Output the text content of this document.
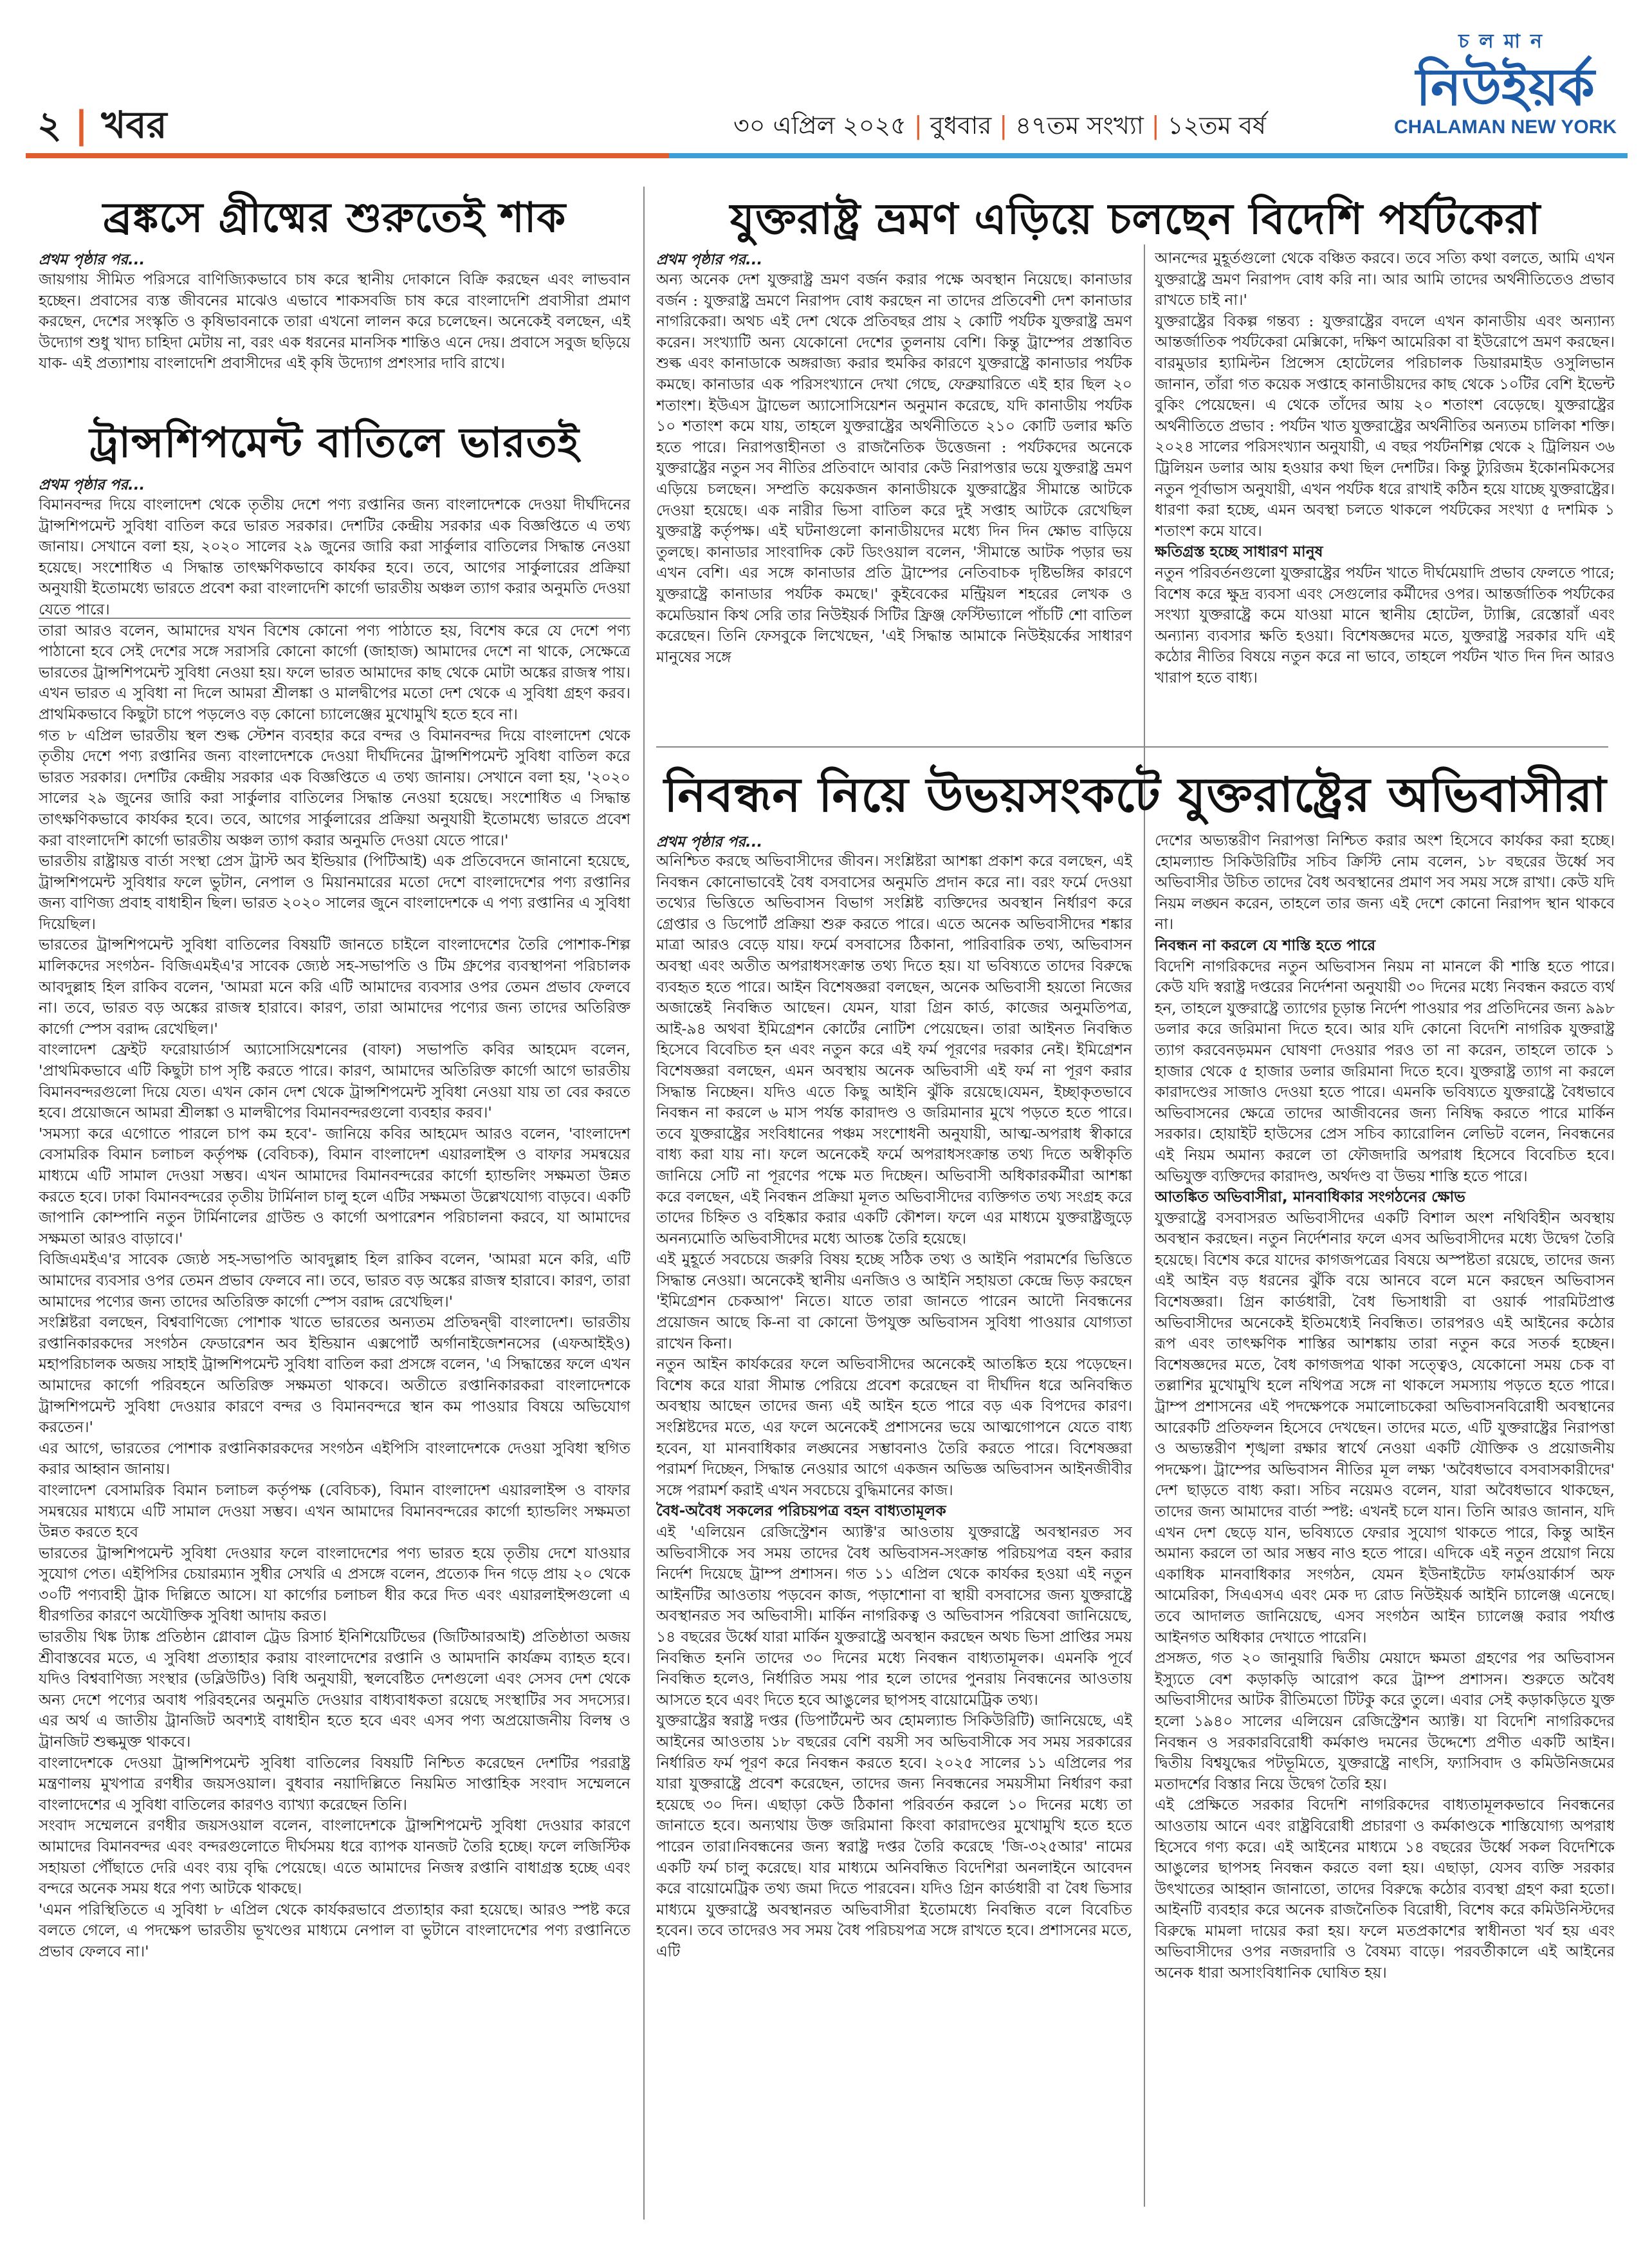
২ | খবর	৩০ এপ্রিল ২০২৫ | বুধবার | ৪৭তম সংখ্যা | ১২তম বর্ষ
চলমান
নিউইয়র্ক
CHALAMAN NEW YORK
ব্রঙ্কসে গ্রীষ্মের শুরুতেই শাক
প্রথম পৃষ্ঠার পর...

জায়গায় সীমিত পরিসরে বাণিজ্যিকভাবে চাষ করে স্থানীয় দোকানে বিক্রি করছেন এবং লাভবান হচ্ছেন। প্রবাসের ব্যস্ত জীবনের মাঝেও এভাবে শাকসবজি চাষ করে বাংলাদেশি প্রবাসীরা প্রমাণ করছেন, দেশের সংস্কৃতি ও কৃষিভাবনাকে তারা এখনো লালন করে চলেছেন। অনেকেই বলছেন, এই উদ্যোগ শুধু খাদ্য চাহিদা মেটায় না, বরং এক ধরনের মানসিক শান্তিও এনে দেয়। প্রবাসে সবুজ ছড়িয়ে যাক- এই প্রত্যাশায় বাংলাদেশি প্রবাসীদের এই কৃষি উদ্যোগ প্রশংসার দাবি রাখে।

ট্রান্সশিপমেন্ট বাতিলে ভারতই
প্রথম পৃষ্ঠার পর...

বিমানবন্দর দিয়ে বাংলাদেশ থেকে তৃতীয় দেশে পণ্য রপ্তানির জন্য বাংলাদেশকে দেওয়া দীর্ঘদিনের ট্রান্সশিপমেন্ট সুবিধা বাতিল করে ভারত সরকার। দেশটির কেন্দ্রীয় সরকার এক বিজ্ঞপ্তিতে এ তথ্য জানায়। সেখানে বলা হয়, ২০২০ সালের ২৯ জুনের জারি করা সার্কুলার বাতিলের সিদ্ধান্ত নেওয়া হয়েছে। সংশোধিত এ সিদ্ধান্ত তাৎক্ষণিকভাবে কার্যকর হবে। তবে, আগের সার্কুলারের প্রক্রিয়া অনুযায়ী ইতোমধ্যে ভারতে প্রবেশ করা বাংলাদেশি কার্গো ভারতীয় অঞ্চল ত্যাগ করার অনুমতি দেওয়া যেতে পারে।

তারা আরও বলেন, আমাদের যখন বিশেষ কোনো পণ্য পাঠাতে হয়, বিশেষ করে যে দেশে পণ্য পাঠানো হবে সেই দেশের সঙ্গে সরাসরি কোনো কার্গো (জাহাজ) আমাদের দেশে না থাকে, সেক্ষেত্রে ভারতের ট্রান্সশিপমেন্ট সুবিধা নেওয়া হয়। ফলে ভারত আমাদের কাছ থেকে মোটা অঙ্কের রাজস্ব পায়। এখন ভারত এ সুবিধা না দিলে আমরা শ্রীলঙ্কা ও মালদ্বীপের মতো দেশ থেকে এ সুবিধা গ্রহণ করব। প্রাথমিকভাবে কিছুটা চাপে পড়লেও বড় কোনো চ্যালেঞ্জের মুখোমুখি হতে হবে না।

গত ৮ এপ্রিল ভারতীয় স্থল শুল্ক স্টেশন ব্যবহার করে বন্দর ও বিমানবন্দর দিয়ে বাংলাদেশ থেকে তৃতীয় দেশে পণ্য রপ্তানির জন্য বাংলাদেশকে দেওয়া দীর্ঘদিনের ট্রান্সশিপমেন্ট সুবিধা বাতিল করে ভারত সরকার। দেশটির কেন্দ্রীয় সরকার এক বিজ্ঞপ্তিতে এ তথ্য জানায়। সেখানে বলা হয়, '২০২০ সালের ২৯ জুনের জারি করা সার্কুলার বাতিলের সিদ্ধান্ত নেওয়া হয়েছে। সংশোধিত এ সিদ্ধান্ত তাৎক্ষণিকভাবে কার্যকর হবে। তবে, আগের সার্কুলারের প্রক্রিয়া অনুযায়ী ইতোমধ্যে ভারতে প্রবেশ করা বাংলাদেশি কার্গো ভারতীয় অঞ্চল ত্যাগ করার অনুমতি দেওয়া যেতে পারে।'

ভারতীয় রাষ্ট্রায়ত্ত বার্তা সংস্থা প্রেস ট্রাস্ট অব ইন্ডিয়ার (পিটিআই) এক প্রতিবেদনে জানানো হয়েছে, ট্রান্সশিপমেন্ট সুবিধার ফলে ভুটান, নেপাল ও মিয়ানমারের মতো দেশে বাংলাদেশের পণ্য রপ্তানির জন্য বাণিজ্য প্রবাহ বাধাহীন ছিল। ভারত ২০২০ সালের জুনে বাংলাদেশকে এ পণ্য রপ্তানির এ সুবিধা দিয়েছিল।

ভারতের ট্রান্সশিপমেন্ট সুবিধা বাতিলের বিষয়টি জানতে চাইলে বাংলাদেশের তৈরি পোশাক-শিল্প মালিকদের সংগঠন- বিজিএমইএ'র সাবেক জ্যেষ্ঠ সহ-সভাপতি ও টিম গ্রুপের ব্যবস্থাপনা পরিচালক আবদুল্লাহ হিল রাকিব বলেন, 'আমরা মনে করি এটি আমাদের ব্যবসার ওপর তেমন প্রভাব ফেলবে না। তবে, ভারত বড় অঙ্কের রাজস্ব হারাবে। কারণ, তারা আমাদের পণ্যের জন্য তাদের অতিরিক্ত কার্গো স্পেস বরাদ্দ রেখেছিল।'

বাংলাদেশ ফ্রেইট ফরোয়ার্ডার্স অ্যাসোসিয়েশনের (বাফা) সভাপতি কবির আহমেদ বলেন, 'প্রাথমিকভাবে এটি কিছুটা চাপ সৃষ্টি করতে পারে। কারণ, আমাদের অতিরিক্ত কার্গো আগে ভারতীয় বিমানবন্দরগুলো দিয়ে যেত। এখন কোন দেশ থেকে ট্রান্সশিপমেন্ট সুবিধা নেওয়া যায় তা বের করতে হবে। প্রয়োজনে আমরা শ্রীলঙ্কা ও মালদ্বীপের বিমানবন্দরগুলো ব্যবহার করব।'

'সমস্যা করে এগোতে পারলে চাপ কম হবে'- জানিয়ে কবির আহমেদ আরও বলেন, 'বাংলাদেশ বেসামরিক বিমান চলাচল কর্তৃপক্ষ (বেবিচক), বিমান বাংলাদেশ এয়ারলাইন্স ও বাফার সমন্বয়ের মাধ্যমে এটি সামাল দেওয়া সম্ভব। এখন আমাদের বিমানবন্দরের কার্গো হ্যান্ডলিং সক্ষমতা উন্নত করতে হবে। ঢাকা বিমানবন্দরের তৃতীয় টার্মিনাল চালু হলে এটির সক্ষমতা উল্লেখযোগ্য বাড়বে। একটি জাপানি কোম্পানি নতুন টার্মিনালের গ্রাউন্ড ও কার্গো অপারেশন পরিচালনা করবে, যা আমাদের সক্ষমতা আরও বাড়াবে।'

বিজিএমইএ'র সাবেক জ্যেষ্ঠ সহ-সভাপতি আবদুল্লাহ হিল রাকিব বলেন, 'আমরা মনে করি, এটি আমাদের ব্যবসার ওপর তেমন প্রভাব ফেলবে না। তবে, ভারত বড় অঙ্কের রাজস্ব হারাবে। কারণ, তারা আমাদের পণ্যের জন্য তাদের অতিরিক্ত কার্গো স্পেস বরাদ্দ রেখেছিল।'

সংশ্লিষ্টরা বলছেন, বিশ্ববাণিজ্যে পোশাক খাতে ভারতের অন্যতম প্রতিদ্বন্দ্বী বাংলাদেশ। ভারতীয় রপ্তানিকারকদের সংগঠন ফেডারেশন অব ইন্ডিয়ান এক্সপোর্ট অর্গানাইজেশনসের (এফআইইও) মহাপরিচালক অজয় সাহাই ট্রান্সশিপমেন্ট সুবিধা বাতিল করা প্রসঙ্গে বলেন, 'এ সিদ্ধান্তের ফলে এখন আমাদের কার্গো পরিবহনে অতিরিক্ত সক্ষমতা থাকবে। অতীতে রপ্তানিকারকরা বাংলাদেশকে ট্রান্সশিপমেন্ট সুবিধা দেওয়ার কারণে বন্দর ও বিমানবন্দরে স্থান কম পাওয়ার বিষয়ে অভিযোগ করতেন।'

এর আগে, ভারতের পোশাক রপ্তানিকারকদের সংগঠন এইপিসি বাংলাদেশকে দেওয়া সুবিধা স্থগিত করার আহ্বান জানায়।

বাংলাদেশ বেসামরিক বিমান চলাচল কর্তৃপক্ষ (বেবিচক), বিমান বাংলাদেশ এয়ারলাইন্স ও বাফার সমন্বয়ের মাধ্যমে এটি সামাল দেওয়া সম্ভব। এখন আমাদের বিমানবন্দরের কার্গো হ্যান্ডলিং সক্ষমতা উন্নত করতে হবে

ভারতের ট্রান্সশিপমেন্ট সুবিধা দেওয়ার ফলে বাংলাদেশের পণ্য ভারত হয়ে তৃতীয় দেশে যাওয়ার সুযোগ পেত। এইপিসির চেয়ারম্যান সুধীর সেখরি এ প্রসঙ্গে বলেন, প্রত্যেক দিন গড়ে প্রায় ২০ থেকে ৩০টি পণ্যবাহী ট্রাক দিল্লিতে আসে। যা কার্গোর চলাচল ধীর করে দিত এবং এয়ারলাইন্সগুলো এ ধীরগতির কারণে অযৌক্তিক সুবিধা আদায় করত।

ভারতীয় থিঙ্ক ট্যাঙ্ক প্রতিষ্ঠান গ্লোবাল ট্রেড রিসার্চ ইনিশিয়েটিভের (জিটিআরআই) প্রতিষ্ঠাতা অজয় শ্রীবাস্তবের মতে, এ সুবিধা প্রত্যাহার করায় বাংলাদেশের রপ্তানি ও আমদানি কার্যক্রম ব্যাহত হবে। যদিও বিশ্ববাণিজ্য সংস্থার (ডব্লিউটিও) বিধি অনুযায়ী, স্থলবেষ্টিত দেশগুলো এবং সেসব দেশ থেকে অন্য দেশে পণ্যের অবাধ পরিবহনের অনুমতি দেওয়ার বাধ্যবাধকতা রয়েছে সংস্থাটির সব সদস্যের। এর অর্থ এ জাতীয় ট্রানজিট অবশ্যই বাধাহীন হতে হবে এবং এসব পণ্য অপ্রয়োজনীয় বিলম্ব ও ট্রানজিট শুল্কমুক্ত থাকবে।

বাংলাদেশকে দেওয়া ট্রান্সশিপমেন্ট সুবিধা বাতিলের বিষয়টি নিশ্চিত করেছেন দেশটির পররাষ্ট্র মন্ত্রণালয় মুখপাত্র রণধীর জয়সওয়াল। বুধবার নয়াদিল্লিতে নিয়মিত সাপ্তাহিক সংবাদ সম্মেলনে বাংলাদেশের এ সুবিধা বাতিলের কারণও ব্যাখ্যা করেছেন তিনি।

সংবাদ সম্মেলনে রণধীর জয়সওয়াল বলেন, বাংলাদেশকে ট্রান্সশিপমেন্ট সুবিধা দেওয়ার কারণে আমাদের বিমানবন্দর এবং বন্দরগুলোতে দীর্ঘসময় ধরে ব্যাপক যানজট তৈরি হচ্ছে। ফলে লজিস্টিক সহায়তা পৌঁছাতে দেরি এবং ব্যয় বৃদ্ধি পেয়েছে। এতে আমাদের নিজস্ব রপ্তানি বাধাগ্রস্ত হচ্ছে এবং বন্দরে অনেক সময় ধরে পণ্য আটকে থাকছে।

'এমন পরিস্থিতিতে এ সুবিধা ৮ এপ্রিল থেকে কার্যকরভাবে প্রত্যাহার করা হয়েছে। আরও স্পষ্ট করে বলতে গেলে, এ পদক্ষেপ ভারতীয় ভূখণ্ডের মাধ্যমে নেপাল বা ভুটানে বাংলাদেশের পণ্য রপ্তানিতে প্রভাব ফেলবে না।'

যুক্তরাষ্ট্র ভ্রমণ এড়িয়ে চলছেন বিদেশি পর্যটকেরা
প্রথম পৃষ্ঠার পর...

অন্য অনেক দেশ যুক্তরাষ্ট্র ভ্রমণ বর্জন করার পক্ষে অবস্থান নিয়েছে। কানাডার বর্জন : যুক্তরাষ্ট্র ভ্রমণে নিরাপদ বোধ করছেন না তাদের প্রতিবেশী দেশ কানাডার নাগরিকেরা। অথচ এই দেশ থেকে প্রতিবছর প্রায় ২ কোটি পর্যটক যুক্তরাষ্ট্র ভ্রমণ করেন। সংখ্যাটি অন্য যেকোনো দেশের তুলনায় বেশি। কিন্তু ট্রাম্পের প্রস্তাবিত শুল্ক এবং কানাডাকে অঙ্গরাজ্য করার হুমকির কারণে যুক্তরাষ্ট্রে কানাডার পর্যটক কমছে। কানাডার এক পরিসংখ্যানে দেখা গেছে, ফেব্রুয়ারিতে এই হার ছিল ২০ শতাংশ। ইউএস ট্রাভেল অ্যাসোসিয়েশন অনুমান করেছে, যদি কানাডীয় পর্যটক ১০ শতাংশ কমে যায়, তাহলে যুক্তরাষ্ট্রের অর্থনীতিতে ২১০ কোটি ডলার ক্ষতি হতে পারে। নিরাপত্তাহীনতা ও রাজনৈতিক উত্তেজনা : পর্যটকদের অনেকে যুক্তরাষ্ট্রের নতুন সব নীতির প্রতিবাদে আবার কেউ নিরাপত্তার ভয়ে যুক্তরাষ্ট্র ভ্রমণ এড়িয়ে চলছেন। সম্প্রতি কয়েকজন কানাডীয়কে যুক্তরাষ্ট্রের সীমান্তে আটকে দেওয়া হয়েছে। এক নারীর ভিসা বাতিল করে দুই সপ্তাহ আটকে রেখেছিল যুক্তরাষ্ট্র কর্তৃপক্ষ। এই ঘটনাগুলো কানাডীয়দের মধ্যে দিন দিন ক্ষোভ বাড়িয়ে তুলছে। কানাডার সাংবাদিক কেট ডিংওয়াল বলেন, 'সীমান্তে আটক পড়ার ভয় এখন বেশি। এর সঙ্গে কানাডার প্রতি ট্রাম্পের নেতিবাচক দৃষ্টিভঙ্গির কারণে যুক্তরাষ্ট্রে কানাডার পর্যটক কমছে।' কুইবেকের মন্ট্রিয়ল শহরের লেখক ও কমেডিয়ান কিথ সেরি তার নিউইয়র্ক সিটির ফ্রিঞ্জ ফেস্টিভ্যালে পাঁচটি শো বাতিল করেছেন। তিনি ফেসবুকে লিখেছেন, 'এই সিদ্ধান্ত আমাকে নিউইয়র্কের সাধারণ মানুষের সঙ্গে

আনন্দের মুহূর্তগুলো থেকে বঞ্চিত করবে। তবে সত্যি কথা বলতে, আমি এখন যুক্তরাষ্ট্রে ভ্রমণ নিরাপদ বোধ করি না। আর আমি তাদের অর্থনীতিতেও প্রভাব রাখতে চাই না।'

যুক্তরাষ্ট্রের বিকল্প গন্তব্য : যুক্তরাষ্ট্রের বদলে এখন কানাডীয় এবং অন্যান্য আন্তর্জাতিক পর্যটকেরা মেক্সিকো, দক্ষিণ আমেরিকা বা ইউরোপে ভ্রমণ করছেন। বারমুডার হ্যামিল্টন প্রিন্সেস হোটেলের পরিচালক ডিয়ারমাইড ওসুলিভান জানান, তাঁরা গত কয়েক সপ্তাহে কানাডীয়দের কাছ থেকে ১০টির বেশি ইভেন্ট বুকিং পেয়েছেন। এ থেকে তাঁদের আয় ২০ শতাংশ বেড়েছে। যুক্তরাষ্ট্রের অর্থনীতিতে প্রভাব : পর্যটন খাত যুক্তরাষ্ট্রের অর্থনীতির অন্যতম চালিকা শক্তি। ২০২৪ সালের পরিসংখ্যান অনুযায়ী, এ বছর পর্যটনশিল্প থেকে ২ ট্রিলিয়ন ৩৬ ট্রিলিয়ন ডলার আয় হওয়ার কথা ছিল দেশটির। কিন্তু ট্যুরিজম ইকোনমিকসের নতুন পূর্বাভাস অনুযায়ী, এখন পর্যটক ধরে রাখাই কঠিন হয়ে যাচ্ছে যুক্তরাষ্ট্রের। ধারণা করা হচ্ছে, এমন অবস্থা চলতে থাকলে পর্যটকের সংখ্যা ৫ দশমিক ১ শতাংশ কমে যাবে।

ক্ষতিগ্রস্ত হচ্ছে সাধারণ মানুষ

নতুন পরিবর্তনগুলো যুক্তরাষ্ট্রের পর্যটন খাতে দীর্ঘমেয়াদি প্রভাব ফেলতে পারে; বিশেষ করে ক্ষুদ্র ব্যবসা এবং সেগুলোর কর্মীদের ওপর। আন্তর্জাতিক পর্যটকের সংখ্যা যুক্তরাষ্ট্রে কমে যাওয়া মানে স্থানীয় হোটেল, ট্যাক্সি, রেস্তোরাঁ এবং অন্যান্য ব্যবসার ক্ষতি হওয়া। বিশেষজ্ঞদের মতে, যুক্তরাষ্ট্র সরকার যদি এই কঠোর নীতির বিষয়ে নতুন করে না ভাবে, তাহলে পর্যটন খাত দিন দিন আরও খারাপ হতে বাধ্য।

নিবন্ধন নিয়ে উভয়সংকটে যুক্তরাষ্ট্রের অভিবাসীরা
প্রথম পৃষ্ঠার পর...

অনিশ্চিত করছে অভিবাসীদের জীবন। সংশ্লিষ্টরা আশঙ্কা প্রকাশ করে বলছেন, এই নিবন্ধন কোনোভাবেই বৈধ বসবাসের অনুমতি প্রদান করে না। বরং ফর্মে দেওয়া তথ্যের ভিত্তিতে অভিবাসন বিভাগ সংশ্লিষ্ট ব্যক্তিদের অবস্থান নির্ধারণ করে গ্রেপ্তার ও ডিপোর্ট প্রক্রিয়া শুরু করতে পারে। এতে অনেক অভিবাসীদের শঙ্কার মাত্রা আরও বেড়ে যায়। ফর্মে বসবাসের ঠিকানা, পারিবারিক তথ্য, অভিবাসন অবস্থা এবং অতীত অপরাধসংক্রান্ত তথ্য দিতে হয়। যা ভবিষ্যতে তাদের বিরুদ্ধে ব্যবহৃত হতে পারে। আইন বিশেষজ্ঞরা বলছেন, অনেক অভিবাসী হয়তো নিজের অজান্তেই নিবন্ধিত আছেন। যেমন, যারা গ্রিন কার্ড, কাজের অনুমতিপত্র, আই-৯৪ অথবা ইমিগ্রেশন কোর্টের নোটিশ পেয়েছেন। তারা আইনত নিবন্ধিত হিসেবে বিবেচিত হন এবং নতুন করে এই ফর্ম পূরণের দরকার নেই। ইমিগ্রেশন বিশেষজ্ঞরা বলছেন, এমন অবস্থায় অনেক অভিবাসী এই ফর্ম না পূরণ করার সিদ্ধান্ত নিচ্ছেন। যদিও এতে কিছু আইনি ঝুঁকি রয়েছে।যেমন, ইচ্ছাকৃতভাবে নিবন্ধন না করলে ৬ মাস পর্যন্ত কারাদণ্ড ও জরিমানার মুখে পড়তে হতে পারে। তবে যুক্তরাষ্ট্রের সংবিধানের পঞ্চম সংশোধনী অনুযায়ী, আত্ম-অপরাধ স্বীকারে বাধ্য করা যায় না। ফলে অনেকেই ফর্মে অপরাধসংক্রান্ত তথ্য দিতে অস্বীকৃতি জানিয়ে সেটি না পূরণের পক্ষে মত দিচ্ছেন। অভিবাসী অধিকারকর্মীরা আশঙ্কা করে বলছেন, এই নিবন্ধন প্রক্রিয়া মূলত অভিবাসীদের ব্যক্তিগত তথ্য সংগ্রহ করে তাদের চিহ্নিত ও বহিষ্কার করার একটি কৌশল। ফলে এর মাধ্যমে যুক্তরাষ্ট্রজুড়ে অনন্যমোতি অভিবাসীদের মধ্যে আতঙ্ক তৈরি হয়েছে।

এই মুহূর্তে সবচেয়ে জরুরি বিষয় হচ্ছে সঠিক তথ্য ও আইনি পরামর্শের ভিত্তিতে সিদ্ধান্ত নেওয়া। অনেকেই স্থানীয় এনজিও ও আইনি সহায়তা কেন্দ্রে ভিড় করছেন 'ইমিগ্রেশন চেকআপ' নিতে। যাতে তারা জানতে পারেন আদৌ নিবন্ধনের প্রয়োজন আছে কি-না বা কোনো উপযুক্ত অভিবাসন সুবিধা পাওয়ার যোগ্যতা রাখেন কিনা।

নতুন আইন কার্যকরের ফলে অভিবাসীদের অনেকেই আতঙ্কিত হয়ে পড়েছেন। বিশেষ করে যারা সীমান্ত পেরিয়ে প্রবেশ করেছেন বা দীর্ঘদিন ধরে অনিবন্ধিত অবস্থায় আছেন তাদের জন্য এই আইন হতে পারে বড় এক বিপদের কারণ। সংশ্লিষ্টদের মতে, এর ফলে অনেকেই প্রশাসনের ভয়ে আত্মগোপনে যেতে বাধ্য হবেন, যা মানবাধিকার লঙ্ঘনের সম্ভাবনাও তৈরি করতে পারে। বিশেষজ্ঞরা পরামর্শ দিচ্ছেন, সিদ্ধান্ত নেওয়ার আগে একজন অভিজ্ঞ অভিবাসন আইনজীবীর সঙ্গে পরামর্শ করাই এখন সবচেয়ে বুদ্ধিমানের কাজ।

বৈধ-অবৈধ সকলের পরিচয়পত্র বহন বাধ্যতামূলক

এই 'এলিয়েন রেজিস্ট্রেশন অ্যাক্ট'র আওতায় যুক্তরাষ্ট্রে অবস্থানরত সব অভিবাসীকে সব সময় তাদের বৈধ অভিবাসন-সংক্রান্ত পরিচয়পত্র বহন করার নির্দেশ দিয়েছে ট্রাম্প প্রশাসন। গত ১১ এপ্রিল থেকে কার্যকর হওয়া এই নতুন আইনটির আওতায় পড়বেন কাজ, পড়াশোনা বা স্থায়ী বসবাসের জন্য যুক্তরাষ্ট্রে অবস্থানরত সব অভিবাসী। মার্কিন নাগরিকত্ব ও অভিবাসন পরিষেবা জানিয়েছে, ১৪ বছরের উর্ধ্বে যারা মার্কিন যুক্তরাষ্ট্রে অবস্থান করছেন অথচ ভিসা প্রাপ্তির সময় নিবন্ধিত হননি তাদের ৩০ দিনের মধ্যে নিবন্ধন বাধ্যতামূলক। এমনকি পূর্বে নিবন্ধিত হলেও, নির্ধারিত সময় পার হলে তাদের পুনরায় নিবন্ধনের আওতায় আসতে হবে এবং দিতে হবে আঙুলের ছাপসহ বায়োমেট্রিক তথ্য।

যুক্তরাষ্ট্রের স্বরাষ্ট্র দপ্তর (ডিপার্টমেন্ট অব হোমল্যান্ড সিকিউরিটি) জানিয়েছে, এই আইনের আওতায় ১৮ বছরের বেশি বয়সী সব অভিবাসীকে সব সময় সরকারের নির্ধারিত ফর্ম পূরণ করে নিবন্ধন করতে হবে। ২০২৫ সালের ১১ এপ্রিলের পর যারা যুক্তরাষ্ট্রে প্রবেশ করেছেন, তাদের জন্য নিবন্ধনের সময়সীমা নির্ধারণ করা হয়েছে ৩০ দিন। এছাড়া কেউ ঠিকানা পরিবর্তন করলে ১০ দিনের মধ্যে তা জানাতে হবে। অন্যথায় উক্ত জরিমানা কিংবা কারাদণ্ডের মুখোমুখি হতে হতে পারেন তারা।নিবন্ধনের জন্য স্বরাষ্ট্র দপ্তর তৈরি করেছে 'জি-৩২৫আর' নামের একটি ফর্ম চালু করেছে। যার মাধ্যমে অনিবন্ধিত বিদেশিরা অনলাইনে আবেদন করে বায়োমেট্রিক তথ্য জমা দিতে পারবেন। যদিও গ্রিন কার্ডধারী বা বৈধ ভিসার মাধ্যমে যুক্তরাষ্ট্রে অবস্থানরত অভিবাসীরা ইতোমধ্যে নিবন্ধিত বলে বিবেচিত হবেন। তবে তাদেরও সব সময় বৈধ পরিচয়পত্র সঙ্গে রাখতে হবে। প্রশাসনের মতে, এটি

দেশের অভ্যন্তরীণ নিরাপত্তা নিশ্চিত করার অংশ হিসেবে কার্যকর করা হচ্ছে। হোমল্যান্ড সিকিউরিটির সচিব ক্রিস্টি নোম বলেন, ১৮ বছরের উর্ধ্বে সব অভিবাসীর উচিত তাদের বৈধ অবস্থানের প্রমাণ সব সময় সঙ্গে রাখা। কেউ যদি নিয়ম লঙ্ঘন করেন, তাহলে তার জন্য এই দেশে কোনো নিরাপদ স্থান থাকবে না।

নিবন্ধন না করলে যে শাস্তি হতে পারে

বিদেশি নাগরিকদের নতুন অভিবাসন নিয়ম না মানলে কী শাস্তি হতে পারে। কেউ যদি স্বরাষ্ট্র দপ্তরের নির্দেশনা অনুযায়ী ৩০ দিনের মধ্যে নিবন্ধন করতে ব্যর্থ হন, তাহলে যুক্তরাষ্ট্রে ত্যাগের চূড়ান্ত নির্দেশ পাওয়ার পর প্রতিদিনের জন্য ৯৯৮ ডলার করে জরিমানা দিতে হবে। আর যদি কোনো বিদেশি নাগরিক যুক্তরাষ্ট্র ত্যাগ করবেনড়মমন ঘোষণা দেওয়ার পরও তা না করেন, তাহলে তাকে ১ হাজার থেকে ৫ হাজার ডলার জরিমানা দিতে হবে। যুক্তরাষ্ট্র ত্যাগ না করলে কারাদণ্ডের সাজাও দেওয়া হতে পারে। এমনকি ভবিষ্যতে যুক্তরাষ্ট্রে বৈধভাবে অভিবাসনের ক্ষেত্রে তাদের আজীবনের জন্য নিষিদ্ধ করতে পারে মার্কিন সরকার। হোয়াইট হাউসের প্রেস সচিব ক্যারোলিন লেভিট বলেন, নিবন্ধনের এই নিয়ম অমান্য করলে তা ফৌজদারি অপরাধ হিসেবে বিবেচিত হবে। অভিযুক্ত ব্যক্তিদের কারাদণ্ড, অর্থদণ্ড বা উভয় শাস্তি হতে পারে।

আতঙ্কিত অভিবাসীরা, মানবাধিকার সংগঠনের ক্ষোভ

যুক্তরাষ্ট্রে বসবাসরত অভিবাসীদের একটি বিশাল অংশ নথিবিহীন অবস্থায় অবস্থান করছেন। নতুন নির্দেশনার ফলে এসব অভিবাসীদের মধ্যে উদ্বেগ তৈরি হয়েছে। বিশেষ করে যাদের কাগজপত্রের বিষয়ে অস্পষ্টতা রয়েছে, তাদের জন্য এই আইন বড় ধরনের ঝুঁকি বয়ে আনবে বলে মনে করছেন অভিবাসন বিশেষজ্ঞরা। গ্রিন কার্ডধারী, বৈধ ভিসাধারী বা ওয়ার্ক পারমিটপ্রাপ্ত অভিবাসীদের অনেকেই ইতিমধ্যেই নিবন্ধিত। তারপরও এই আইনের কঠোর রূপ এবং তাৎক্ষণিক শাস্তির আশঙ্কায় তারা নতুন করে সতর্ক হচ্ছেন। বিশেষজ্ঞদের মতে, বৈধ কাগজপত্র থাকা সত্ত্বেও, যেকোনো সময় চেক বা তল্লাশির মুখোমুখি হলে নথিপত্র সঙ্গে না থাকলে সমস্যায় পড়তে হতে পারে। ট্রাম্প প্রশাসনের এই পদক্ষেপকে সমালোচকেরা অভিবাসনবিরোধী অবস্থানের আরেকটি প্রতিফলন হিসেবে দেখছেন। তাদের মতে, এটি যুক্তরাষ্ট্রের নিরাপত্তা ও অভ্যন্তরীণ শৃঙ্খলা রক্ষার স্বার্থে নেওয়া একটি যৌক্তিক ও প্রয়োজনীয় পদক্ষেপ। ট্রাম্পের অভিবাসন নীতির মূল লক্ষ্য 'অবৈধভাবে বসবাসকারীদের' দেশ ছাড়তে বাধ্য করা। সচিব নয়েমও বলেন, যারা অবৈধভাবে থাকছেন, তাদের জন্য আমাদের বার্তা স্পষ্ট: এখনই চলে যান। তিনি আরও জানান, যদি এখন দেশ ছেড়ে যান, ভবিষ্যতে ফেরার সুযোগ থাকতে পারে, কিন্তু আইন অমান্য করলে তা আর সম্ভব নাও হতে পারে। এদিকে এই নতুন প্রয়োগ নিয়ে একাধিক মানবাধিকার সংগঠন, যেমন ইউনাইটেড ফার্মওয়ার্কার্স অফ আমেরিকা, সিএএসএ এবং মেক দ্য রোড নিউইয়র্ক আইনি চ্যালেঞ্জ এনেছে। তবে আদালত জানিয়েছে, এসব সংগঠন আইন চ্যালেঞ্জ করার পর্যাপ্ত আইনগত অধিকার দেখাতে পারেনি।

প্রসঙ্গত, গত ২০ জানুয়ারি দ্বিতীয় মেয়াদে ক্ষমতা গ্রহণের পর অভিবাসন ইস্যুতে বেশ কড়াকড়ি আরোপ করে ট্রাম্প প্রশাসন। শুরুতে অবৈধ অভিবাসীদের আটক রীতিমতো টিটকু করে তুলে। এবার সেই কড়াকড়িতে যুক্ত হলো ১৯৪০ সালের এলিয়েন রেজিস্ট্রেশন অ্যাক্ট। যা বিদেশি নাগরিকদের নিবন্ধন ও সরকারবিরোধী কর্মকাণ্ড দমনের উদ্দেশ্যে প্রণীত একটি আইন। দ্বিতীয় বিশ্বযুদ্ধের পটভূমিতে, যুক্তরাষ্ট্রে নাৎসি, ফ্যাসিবাদ ও কমিউনিজমের মতাদর্শের বিস্তার নিয়ে উদ্বেগ তৈরি হয়।

এই প্রেক্ষিতে সরকার বিদেশি নাগরিকদের বাধ্যতামূলকভাবে নিবন্ধনের আওতায় আনে এবং রাষ্ট্রবিরোধী প্রচারণা ও কর্মকাণ্ডকে শাস্তিযোগ্য অপরাধ হিসেবে গণ্য করে। এই আইনের মাধ্যমে ১৪ বছরের উর্ধ্বে সকল বিদেশিকে আঙুলের ছাপসহ নিবন্ধন করতে বলা হয়। এছাড়া, যেসব ব্যক্তি সরকার উৎখাতের আহ্বান জানাতো, তাদের বিরুদ্ধে কঠোর ব্যবস্থা গ্রহণ করা হতো। আইনটি ব্যবহার করে অনেক রাজনৈতিক বিরোধী, বিশেষ করে কমিউনিস্টদের বিরুদ্ধে মামলা দায়ের করা হয়। ফলে মতপ্রকাশের স্বাধীনতা খর্ব হয় এবং অভিবাসীদের ওপর নজরদারি ও বৈষম্য বাড়ে। পরবর্তীকালে এই আইনের অনেক ধারা অসাংবিধানিক ঘোষিত হয়।
